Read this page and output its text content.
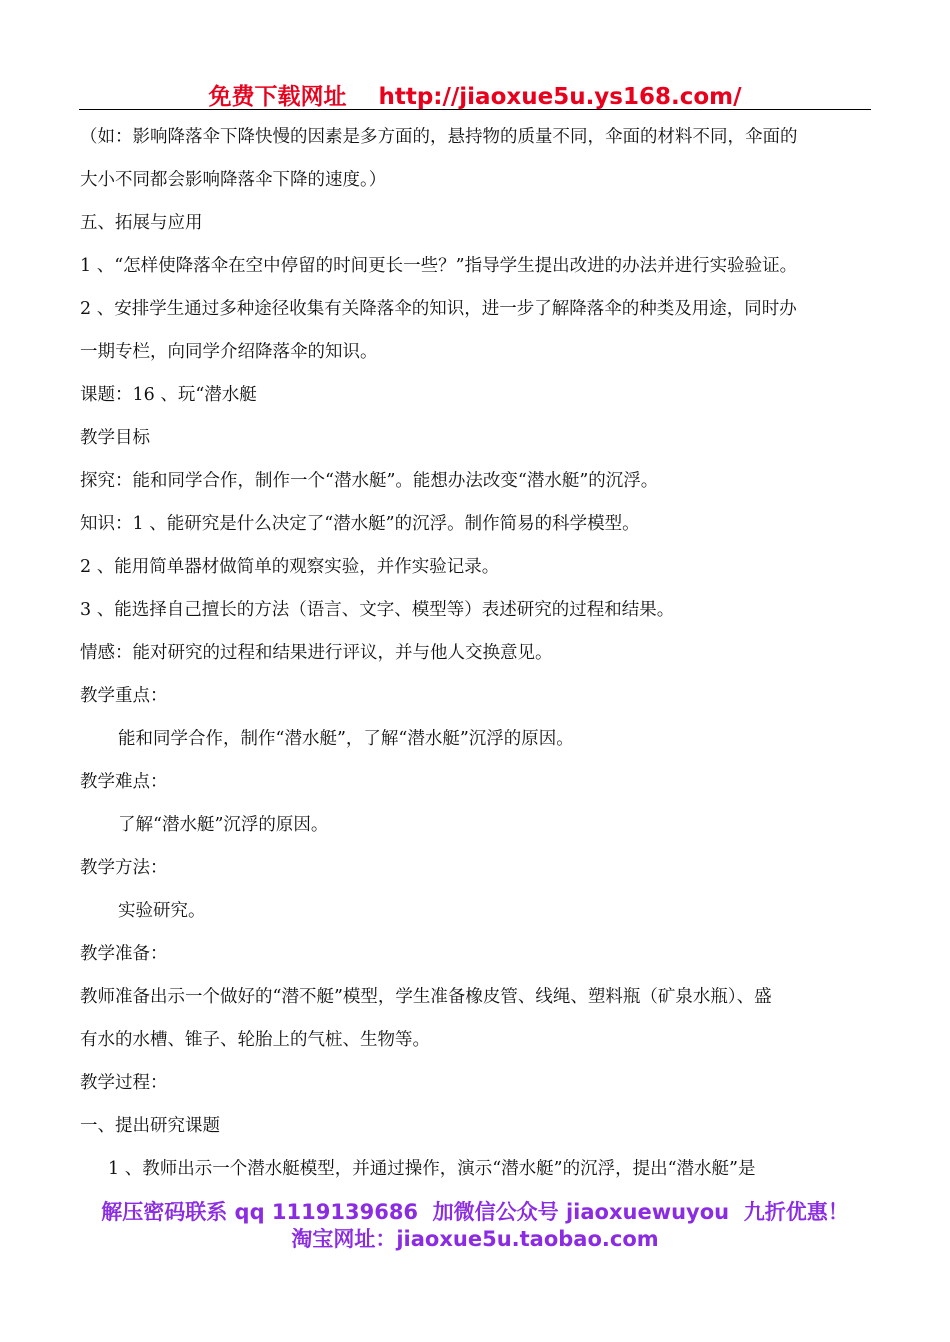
免费下载网址    http://jiaoxue5u.ys168.com/
（如：影响降落伞下降快慢的因素是多方面的，悬持物的质量不同，伞面的材料不同，伞面的
大小不同都会影响降落伞下降的速度。）
五、拓展与应用
1 、“怎样使降落伞在空中停留的时间更长一些？”指导学生提出改进的办法并进行实验验证。
2 、安排学生通过多种途径收集有关降落伞的知识，进一步了解降落伞的种类及用途，同时办
一期专栏，向同学介绍降落伞的知识。
课题：16 、玩“潜水艇
教学目标
探究：能和同学合作，制作一个“潜水艇”。能想办法改变“潜水艇”的沉浮。
知识：1 、能研究是什么决定了“潜水艇”的沉浮。制作简易的科学模型。
2 、能用简单器材做简单的观察实验，并作实验记录。
3 、能选择自己擅长的方法（语言、文字、模型等）表述研究的过程和结果。
情感：能对研究的过程和结果进行评议，并与他人交换意见。
教学重点：
能和同学合作，制作“潜水艇”，了解“潜水艇”沉浮的原因。
教学难点：
了解“潜水艇”沉浮的原因。
教学方法：
实验研究。
教学准备：
教师准备出示一个做好的“潜不艇”模型，学生准备橡皮管、线绳、塑料瓶（矿泉水瓶）、盛
有水的水槽、锥子、轮胎上的气桩、生物等。
教学过程：
一、提出研究课题
1 、教师出示一个潜水艇模型，并通过操作，演示“潜水艇”的沉浮，提出“潜水艇”是
解压密码联系 qq 1119139686  加微信公众号 jiaoxuewuyou  九折优惠！
淘宝网址：jiaoxue5u.taobao.com
